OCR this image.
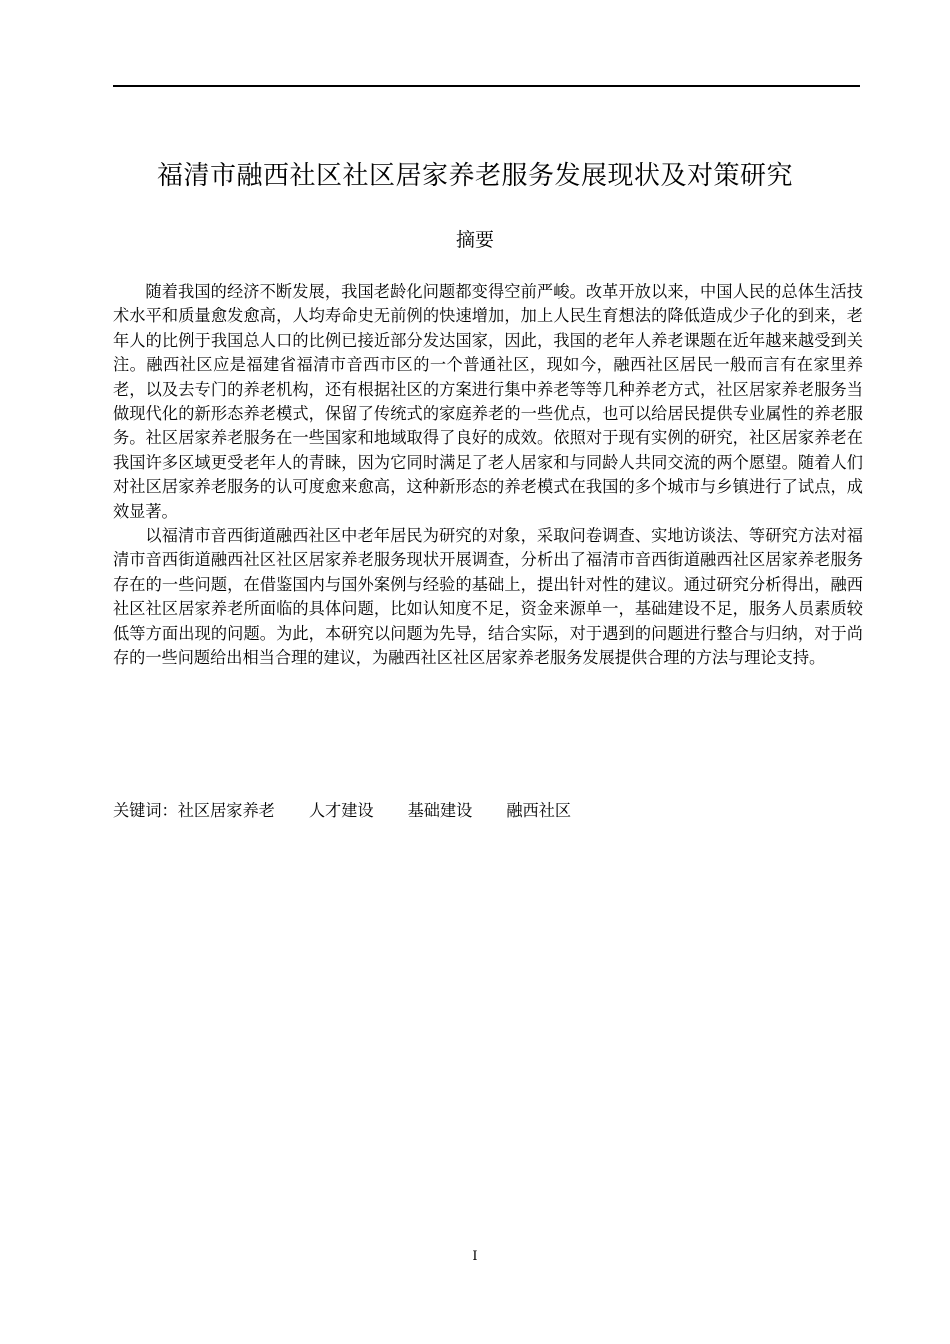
福清市融西社区社区居家养老服务发展现状及对策研究
摘要

随着我国的经济不断发展，我国老龄化问题都变得空前严峻。改革开放以来，中国人民的总体生活技术水平和质量愈发愈高，人均寿命史无前例的快速增加，加上人民生育想法的降低造成少子化的到来，老年人的比例于我国总人口的比例已接近部分发达国家，因此，我国的老年人养老课题在近年越来越受到关注。融西社区应是福建省福清市音西市区的一个普通社区，现如今，融西社区居民一般而言有在家里养老，以及去专门的养老机构，还有根据社区的方案进行集中养老等等几种养老方式，社区居家养老服务当做现代化的新形态养老模式，保留了传统式的家庭养老的一些优点，也可以给居民提供专业属性的养老服务。社区居家养老服务在一些国家和地域取得了良好的成效。依照对于现有实例的研究，社区居家养老在我国许多区域更受老年人的青睐，因为它同时满足了老人居家和与同龄人共同交流的两个愿望。随着人们对社区居家养老服务的认可度愈来愈高，这种新形态的养老模式在我国的多个城市与乡镇进行了试点，成效显著。

以福清市音西街道融西社区中老年居民为研究的对象，采取问卷调查、实地访谈法、等研究方法对福清市音西街道融西社区社区居家养老服务现状开展调查，分析出了福清市音西街道融西社区居家养老服务存在的一些问题，在借鉴国内与国外案例与经验的基础上，提出针对性的建议。通过研究分析得出，融西社区社区居家养老所面临的具体问题，比如认知度不足，资金来源单一，基础建设不足，服务人员素质较低等方面出现的问题。为此，本研究以问题为先导，结合实际，对于遇到的问题进行整合与归纳，对于尚存的一些问题给出相当合理的建议，为融西社区社区居家养老服务发展提供合理的方法与理论支持。

关键词：社区居家养老 人才建设 基础建设 融西社区
I
